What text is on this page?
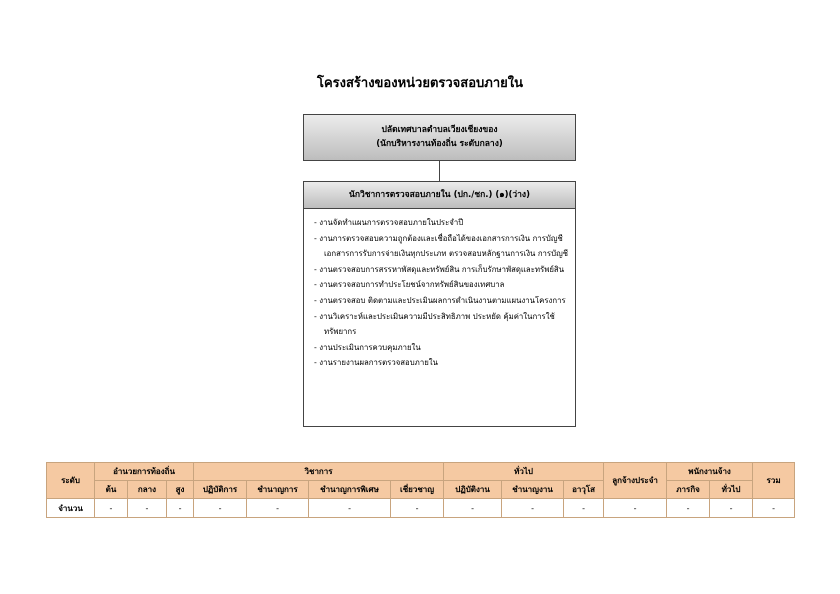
โครงสร้างของหน่วยตรวจสอบภายใน
ปลัดเทศบาลตำบลเวียงเชียงของ
(นักบริหารงานท้องถิ่น ระดับกลาง)
นักวิชาการตรวจสอบภายใน (ปก./ชก.) (๑)(ว่าง)
- งานจัดทำแผนการตรวจสอบภายในประจำปี
- งานการตรวจสอบความถูกต้องและเชื่อถือได้ของเอกสารการเงิน การบัญชี เอกสารการรับการจ่ายเงินทุกประเภท ตรวจสอบหลักฐานการเงิน การบัญชี
- งานตรวจสอบการสรรหาพัสดุและทรัพย์สิน การเก็บรักษาพัสดุและทรัพย์สิน
- งานตรวจสอบการทำประโยชน์จากทรัพย์สินของเทศบาล
- งานตรวจสอบ ติดตามและประเมินผลการดำเนินงานตามแผนงานโครงการ
- งานวิเคราะห์และประเมินความมีประสิทธิภาพ ประหยัด คุ้มค่าในการใช้ทรัพยากร
- งานประเมินการควบคุมภายใน
- งานรายงานผลการตรวจสอบภายใน
ระดับ	อำนวยการท้องถิ่น			วิชาการ				ทั่วไป			ลูกจ้างประจำ	พนักงานจ้าง		รวม
	ต้น	กลาง	สูง	ปฏิบัติการ	ชำนาญการ	ชำนาญการพิเศษ	เชี่ยวชาญ	ปฏิบัติงาน	ชำนาญงาน	อาวุโส		ภารกิจ	ทั่วไป	
จำนวน	-	-	-	-	-	-	-	-	-	-	-	-	-	-
